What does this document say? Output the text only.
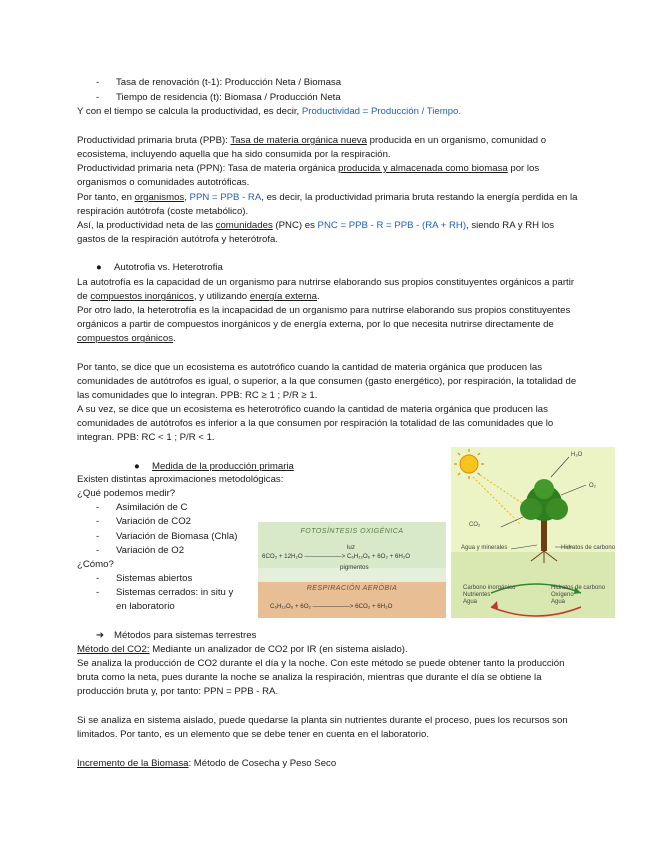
- Tasa de renovación (t-1): Producción Neta / Biomasa
- Tiempo de residencia (t): Biomasa / Producción Neta
Y con el tiempo se calcula la productividad, es decir, Productividad = Producción / Tiempo.
Productividad primaria bruta (PPB): Tasa de materia orgánica nueva producida en un organismo, comunidad o ecosistema, incluyendo aquella que ha sido consumida por la respiración.
Productividad primaria neta (PPN): Tasa de materia orgánica producida y almacenada como biomasa por los organismos o comunidades autotróficas.
Por tanto, en organismos, PPN = PPB - RA, es decir, la productividad primaria bruta restando la energía perdida en la respiración autótrofa (coste metabólico).
Así, la productividad neta de las comunidades (PNC) es PNC = PPB - R = PPB - (RA + RH), siendo RA y RH los gastos de la respiración autótrofa y heterótrofa.
● Autotrofia vs. Heterotrofia
La autotrofía es la capacidad de un organismo para nutrirse elaborando sus propios constituyentes orgánicos a partir de compuestos inorgánicos, y utilizando energía externa.
Por otro lado, la heterotrofía es la incapacidad de un organismo para nutrirse elaborando sus propios constituyentes orgánicos a partir de compuestos inorgánicos y de energía externa, por lo que necesita nutrirse directamente de compuestos orgánicos.
Por tanto, se dice que un ecosistema es autotrófico cuando la cantidad de materia orgánica que producen las comunidades de autótrofos es igual, o superior, a la que consumen (gasto energético), por respiración, la totalidad de las comunidades que lo integran. PPB: RC ≥ 1 ; P/R ≥ 1.
A su vez, se dice que un ecosistema es heterotrófico cuando la cantidad de materia orgánica que producen las comunidades de autótrofos es inferior a la que consumen por respiración la totalidad de las comunidades que lo integran. PPB: RC < 1 ; P/R < 1.
● Medida de la producción primaria
Existen distintas aproximaciones metodológicas:
¿Qué podemos medir?
- Asimilación de C
- Variación de CO2
- Variación de Biomasa (Chla)
- Variación de O2
¿Cómo?
- Sistemas abiertos
- Sistemas cerrados: in situ y
en laboratorio
FOTOSÍNTESIS OXIGÉNICA
luz
6CO₂ + 12H₂O ——————> C₆H₁₂O₆ + 6O₂ + 6H₂O
pigmentos
RESPIRACIÓN AERÓBIA
C₆H₁₂O₆ + 6O₂ ——————> 6CO₂ + 6H₂O
H₂O
O₂
CO₂
Agua y minerales	Hidratos de carbono
Carbono inorgánico
Nutrientes
Agua
Hidratos de carbono
Oxígeno
Agua
➔ Métodos para sistemas terrestres
Método del CO2: Mediante un analizador de CO2 por IR (en sistema aislado).
Se analiza la producción de CO2 durante el día y la noche. Con este método se puede obtener tanto la producción bruta como la neta, pues durante la noche se analiza la respiración, mientras que durante el día se obtiene la producción bruta y, por tanto: PPN = PPB - RA.
Si se analiza en sistema aislado, puede quedarse la planta sin nutrientes durante el proceso, pues los recursos son limitados. Por tanto, es un elemento que se debe tener en cuenta en el laboratorio.
Incremento de la Biomasa: Método de Cosecha y Peso Seco
